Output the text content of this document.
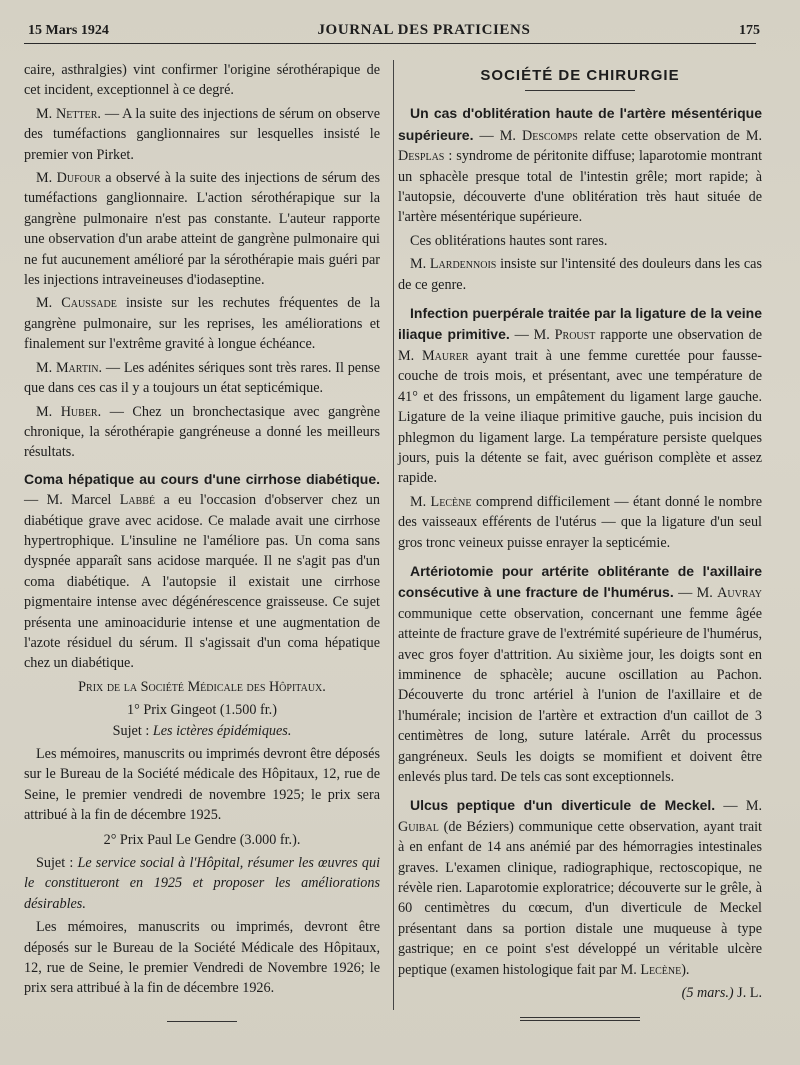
15 Mars 1924	JOURNAL DES PRATICIENS	175

caire, asthralgies) vint confirmer l'origine sérothérapique de cet incident, exceptionnel à ce degré.

M. Netter. — A la suite des injections de sérum on observe des tuméfactions ganglionnaires sur lesquelles insisté le premier von Pirket.

M. Dufour a observé à la suite des injections de sérum des tuméfactions ganglionnaire. L'action sérothérapique sur la gangrène pulmonaire n'est pas constante. L'auteur rapporte une observation d'un arabe atteint de gangrène pulmonaire qui ne fut aucunement amélioré par la sérothérapie mais guéri par les injections intraveineuses d'iodaseptine.

M. Caussade insiste sur les rechutes fréquentes de la gangrène pulmonaire, sur les reprises, les améliorations et finalement sur l'extrême gravité à longue échéance.

M. Martin. — Les adénites sériques sont très rares. Il pense que dans ces cas il y a toujours un état septicémique.

M. Huber. — Chez un bronchectasique avec gangrène chronique, la sérothérapie gangréneuse a donné les meilleurs résultats.

Coma hépatique au cours d'une cirrhose diabétique. — M. Marcel Labbé a eu l'occasion d'observer chez un diabétique grave avec acidose. Ce malade avait une cirrhose hypertrophique. L'insuline ne l'améliore pas. Un coma sans dyspnée apparaît sans acidose marquée. Il ne s'agit pas d'un coma diabétique. A l'autopsie il existait une cirrhose pigmentaire intense avec dégénérescence graisseuse. Ce sujet présenta une aminoacidurie intense et une augmentation de l'azote résiduel du sérum. Il s'agissait d'un coma hépatique chez un diabétique.

Prix de la Société Médicale des Hôpitaux.

1° Prix Gingeot (1.500 fr.)

Sujet : Les ictères épidémiques.

Les mémoires, manuscrits ou imprimés devront être déposés sur le Bureau de la Société médicale des Hôpitaux, 12, rue de Seine, le premier vendredi de novembre 1925; le prix sera attribué à la fin de décembre 1925.

2° Prix Paul Le Gendre (3.000 fr.).

Sujet : Le service social à l'Hôpital, résumer les œuvres qui le constitueront en 1925 et proposer les améliorations désirables.

Les mémoires, manuscrits ou imprimés, devront être déposés sur le Bureau de la Société Médicale des Hôpitaux, 12, rue de Seine, le premier Vendredi de Novembre 1926; le prix sera attribué à la fin de décembre 1926.

SOCIÉTÉ DE CHIRURGIE

Un cas d'oblitération haute de l'artère mésentérique supérieure. — M. Descomps relate cette observation de M. Desplas : syndrome de péritonite diffuse; laparotomie montrant un sphacèle presque total de l'intestin grêle; mort rapide; à l'autopsie, découverte d'une oblitération très haut située de l'artère mésentérique supérieure.

Ces oblitérations hautes sont rares.

M. Lardennois insiste sur l'intensité des douleurs dans les cas de ce genre.

Infection puerpérale traitée par la ligature de la veine iliaque primitive. — M. Proust rapporte une observation de M. Maurer ayant trait à une femme curettée pour fausse-couche de trois mois, et présentant, avec une température de 41° et des frissons, un empâtement du ligament large gauche. Ligature de la veine iliaque primitive gauche, puis incision du phlegmon du ligament large. La température persiste quelques jours, puis la détente se fait, avec guérison complète et assez rapide.

M. Lecène comprend difficilement — étant donné le nombre des vaisseaux efférents de l'utérus — que la ligature d'un seul gros tronc veineux puisse enrayer la septicémie.

Artériotomie pour artérite oblitérante de l'axillaire consécutive à une fracture de l'humérus. — M. Auvray communique cette observation, concernant une femme âgée atteinte de fracture grave de l'extrémité supérieure de l'humérus, avec gros foyer d'attrition. Au sixième jour, les doigts sont en imminence de sphacèle; aucune oscillation au Pachon. Découverte du tronc artériel à l'union de l'axillaire et de l'humérale; incision de l'artère et extraction d'un caillot de 3 centimètres de long, suture latérale. Arrêt du processus gangréneux. Seuls les doigts se momifient et doivent être enlevés plus tard. De tels cas sont exceptionnels.

Ulcus peptique d'un diverticule de Meckel. — M. Guibal (de Béziers) communique cette observation, ayant trait à en enfant de 14 ans anémié par des hémorragies intestinales graves. L'examen clinique, radiographique, rectoscopique, ne révèle rien. Laparotomie exploratrice; découverte sur le grêle, à 60 centimètres du cœcum, d'un diverticule de Meckel présentant dans sa portion distale une muqueuse à type gastrique; en ce point s'est développé un véritable ulcère peptique (examen histologique fait par M. Lecène).

(5 mars.) J. L.
